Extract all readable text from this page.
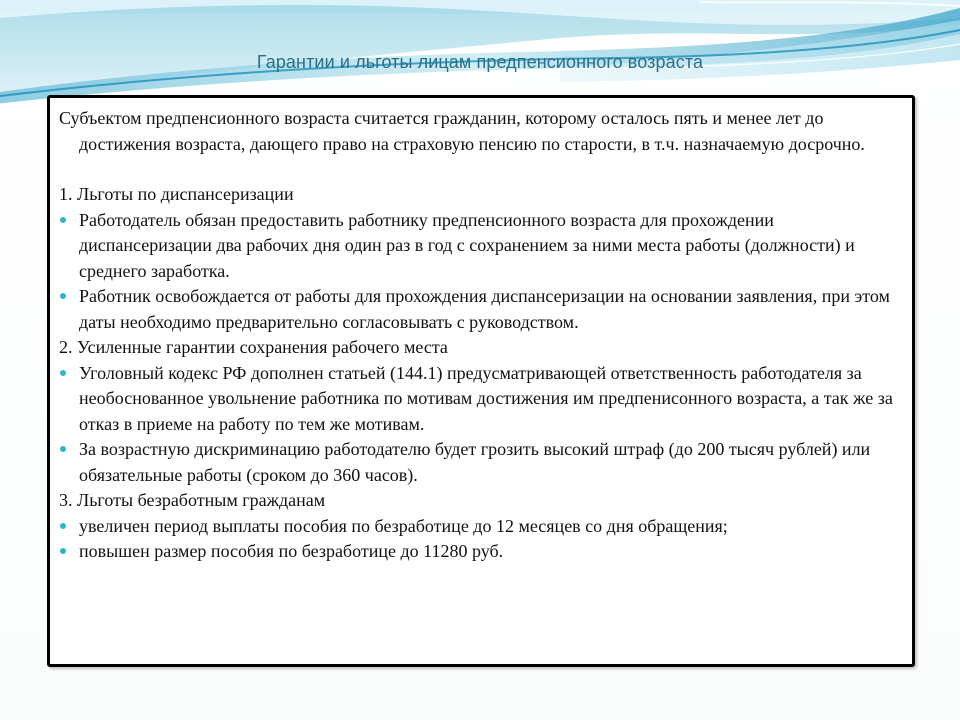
Гарантии и льготы лицам предпенсионного возраста

Субъектом предпенсионного возраста считается гражданин, которому осталось пять и менее лет до достижения возраста, дающего право на страховую пенсию по старости, в т.ч. назначаемую досрочно.

1. Льготы по диспансеризации

Работодатель обязан предоставить работнику предпенсионного возраста для прохождении диспансеризации два рабочих дня один раз в год с сохранением за ними места работы (должности) и среднего заработка.

Работник освобождается от работы для прохождения диспансеризации на основании заявления, при этом даты необходимо предварительно согласовывать с руководством.

2. Усиленные гарантии сохранения рабочего места

Уголовный кодекс РФ дополнен статьей (144.1) предусматривающей ответственность работодателя за необоснованное увольнение работника по мотивам достижения им предпенисонного возраста, а так же за отказ в приеме на работу по тем же мотивам.

За возрастную дискриминацию работодателю будет грозить высокий штраф (до 200 тысяч рублей) или обязательные работы (сроком до 360 часов).

3. Льготы безработным гражданам

увеличен период выплаты пособия по безработице до 12 месяцев со дня обращения;

повышен размер пособия по безработице до 11280 руб.
